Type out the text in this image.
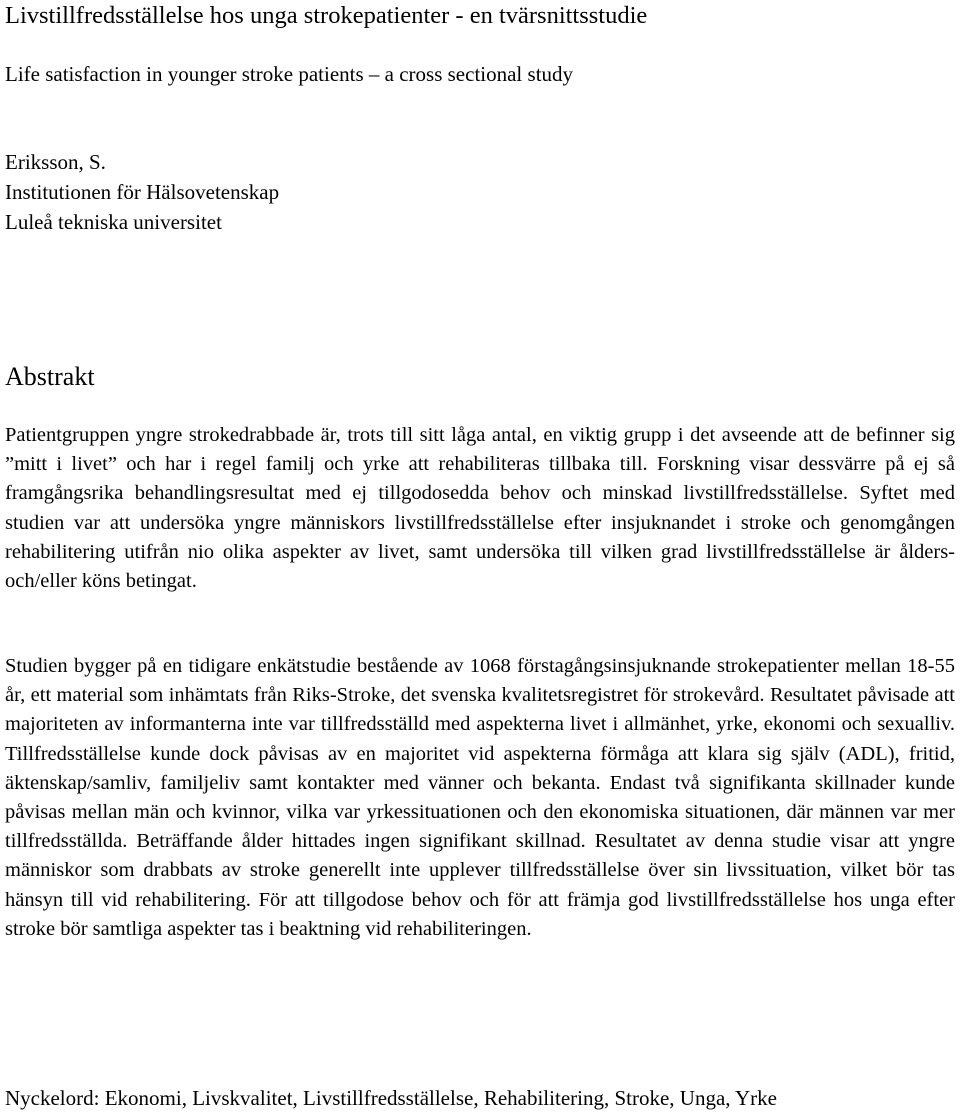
Livstillfredsställelse hos unga strokepatienter - en tvärsnittsstudie
Life satisfaction in younger stroke patients – a cross sectional study
Eriksson, S.
Institutionen för Hälsovetenskap
Luleå tekniska universitet
Abstrakt
Patientgruppen yngre strokedrabbade är, trots till sitt låga antal, en viktig grupp i det avseende att de befinner sig ”mitt i livet” och har i regel familj och yrke att rehabiliteras tillbaka till. Forskning visar dessvärre på ej så framgångsrika behandlingsresultat med ej tillgodosedda behov och minskad livstillfredsställelse. Syftet med studien var att undersöka yngre människors livstillfredsställelse efter insjuknandet i stroke och genomgången rehabilitering utifrån nio olika aspekter av livet, samt undersöka till vilken grad livstillfredsställelse är ålders- och/eller köns betingat.
Studien bygger på en tidigare enkätstudie bestående av 1068 förstagångsinsjuknande strokepatienter mellan 18-55 år, ett material som inhämtats från Riks-Stroke, det svenska kvalitetsregistret för strokevård. Resultatet påvisade att majoriteten av informanterna inte var tillfredsställd med aspekterna livet i allmänhet, yrke, ekonomi och sexualliv. Tillfredsställelse kunde dock påvisas av en majoritet vid aspekterna förmåga att klara sig själv (ADL), fritid, äktenskap/samliv, familjeliv samt kontakter med vänner och bekanta. Endast två signifikanta skillnader kunde påvisas mellan män och kvinnor, vilka var yrkessituationen och den ekonomiska situationen, där männen var mer tillfredsställda. Beträffande ålder hittades ingen signifikant skillnad. Resultatet av denna studie visar att yngre människor som drabbats av stroke generellt inte upplever tillfredsställelse över sin livssituation, vilket bör tas hänsyn till vid rehabilitering. För att tillgodose behov och för att främja god livstillfredsställelse hos unga efter stroke bör samtliga aspekter tas i beaktning vid rehabiliteringen.
Nyckelord: Ekonomi, Livskvalitet, Livstillfredsställelse, Rehabilitering, Stroke, Unga, Yrke
